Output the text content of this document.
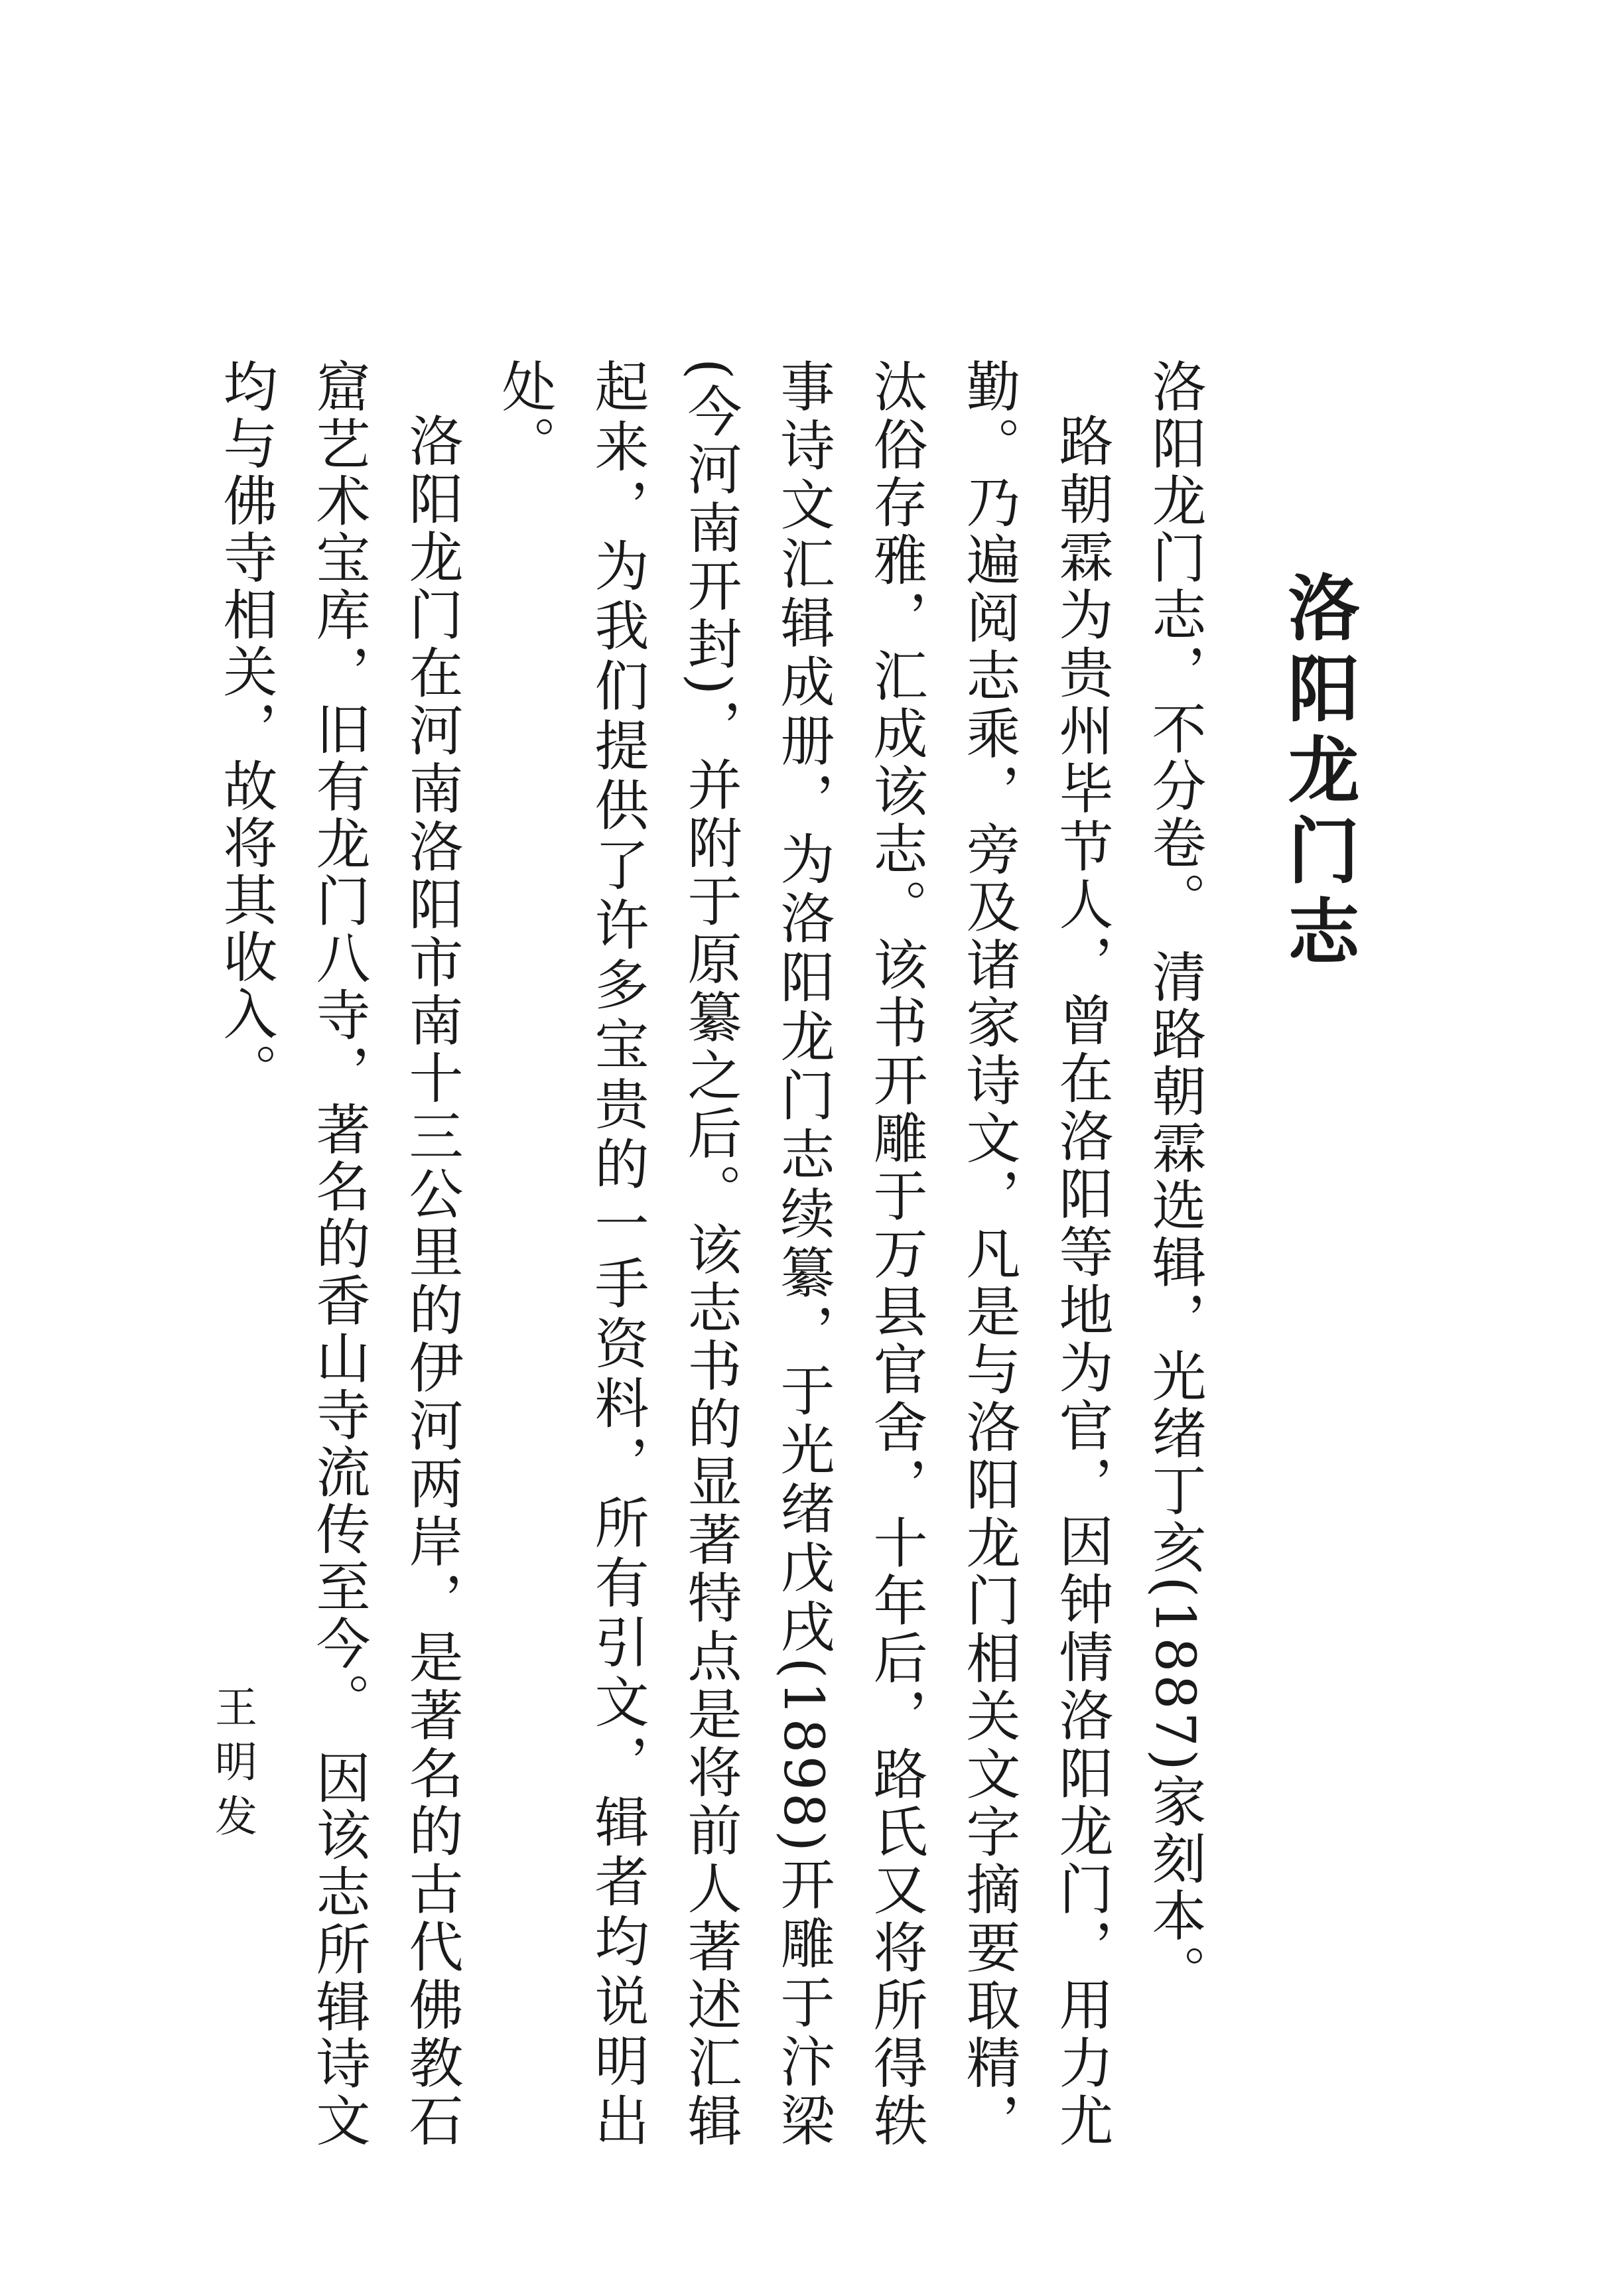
洛阳龙门志

洛阳龙门志，不分卷。 清路朝霖选辑，光绪丁亥(1887)家刻本。

路朝霖为贵州毕节人，曾在洛阳等地为官，因钟情洛阳龙门，用力尤勤。乃遍阅志乘，旁及诸家诗文，凡是与洛阳龙门相关文字摘要取精，汰俗存雅，汇成该志。该书开雕于万县官舍，十年后，路氏又将所得轶事诗文汇辑成册，为洛阳龙门志续纂，于光绪戊戌(1898)开雕于汴梁(今河南开封)，并附于原纂之后。该志书的显著特点是将前人著述汇辑起来，为我们提供了许多宝贵的一手资料，所有引文，辑者均说明出处。

洛阳龙门在河南洛阳市南十三公里的伊河两岸，是著名的古代佛教石窟艺术宝库，旧有龙门八寺，著名的香山寺流传至今。 因该志所辑诗文均与佛寺相关，故将其收入。

王明发
